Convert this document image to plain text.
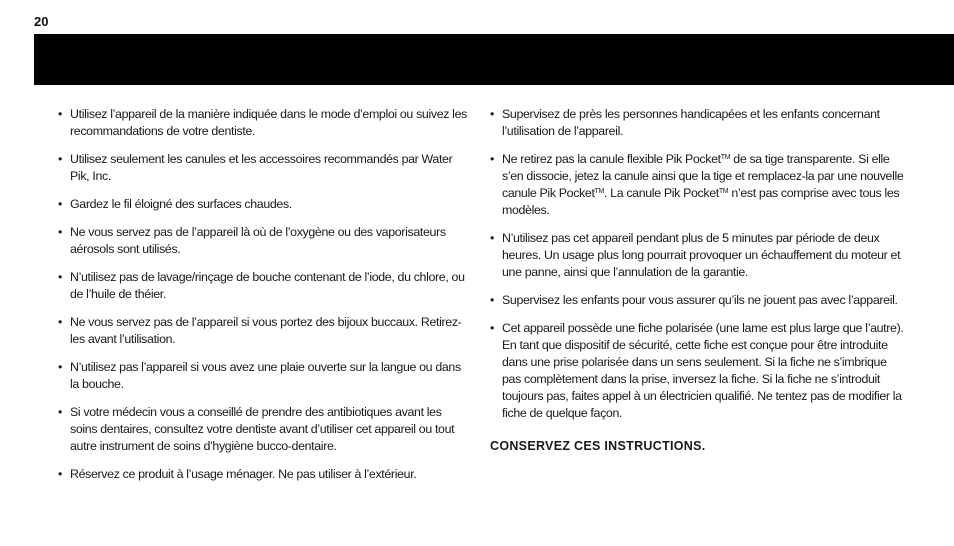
20
• Utilisez l’appareil de la manière indiquée dans le mode d’emploi ou suivez les recommandations de votre dentiste.
• Utilisez seulement les canules et les accessoires recommandés par Water Pik, Inc.
• Gardez le fil éloigné des surfaces chaudes.
• Ne vous servez pas de l’appareil là où de l’oxygène ou des vaporisateurs aérosols sont utilisés.
• N’utilisez pas de lavage/rinçage de bouche contenant de l’iode, du chlore, ou de l’huile de théier.
• Ne vous servez pas de l’appareil si vous portez des bijoux buccaux. Retirez-les avant l’utilisation.
• N’utilisez pas l’appareil si vous avez une plaie ouverte sur la langue ou dans la bouche.
• Si votre médecin vous a conseillé de prendre des antibiotiques avant les soins dentaires, consultez votre dentiste avant d’utiliser cet appareil ou tout autre instrument de soins d’hygiène bucco-dentaire.
• Réservez ce produit à l’usage ménager. Ne pas utiliser à l’extérieur.
• Supervisez de près les personnes handicapées et les enfants concernant l’utilisation de l’appareil.
• Ne retirez pas la canule flexible Pik Pocket™ de sa tige transparente. Si elle s’en dissocie, jetez la canule ainsi que la tige et remplacez-la par une nouvelle canule Pik Pocket™. La canule Pik Pocket™ n’est pas comprise avec tous les modèles.
• N’utilisez pas cet appareil pendant plus de 5 minutes par période de deux heures. Un usage plus long pourrait provoquer un échauffement du moteur et une panne, ainsi que l’annulation de la garantie.
• Supervisez les enfants pour vous assurer qu’ils ne jouent pas avec l’appareil.
• Cet appareil possède une fiche polarisée (une lame est plus large que l’autre). En tant que dispositif de sécurité, cette fiche est conçue pour être introduite dans une prise polarisée dans un sens seulement. Si la fiche ne s’imbrique pas complètement dans la prise, inversez la fiche. Si la fiche ne s’introduit toujours pas, faites appel à un électricien qualifié. Ne tentez pas de modifier la fiche de quelque façon.
CONSERVEZ CES INSTRUCTIONS.
